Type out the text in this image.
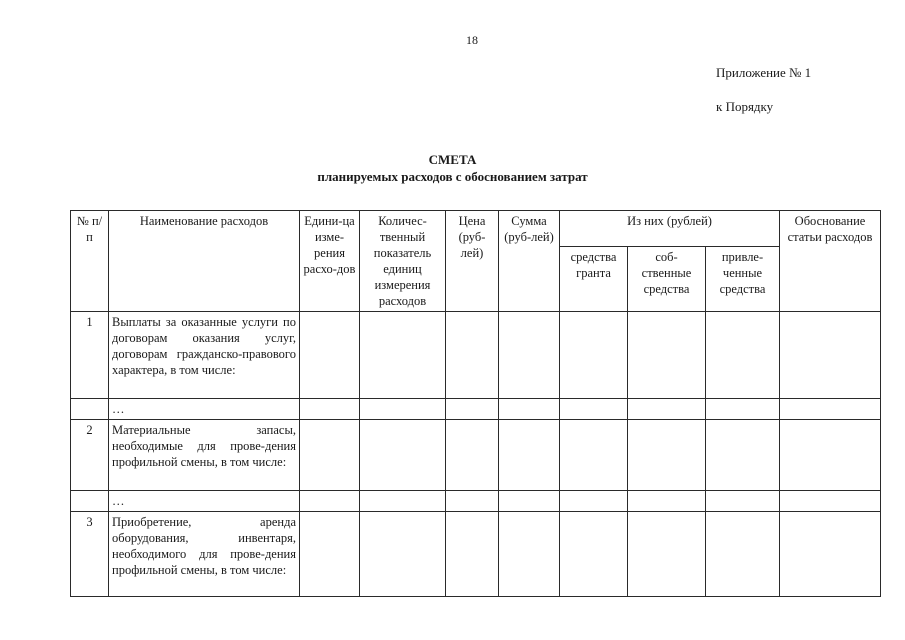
18
Приложение № 1
к Порядку
СМЕТА
планируемых расходов с обоснованием затрат
№ п/п	Наименование расходов	Едини-ца изме-рения расхо-дов	Количес-твенный показатель единиц измерения расходов	Цена (руб-лей)	Сумма (руб-лей)	Из них (рублей)			Обоснование статьи расходов
						средства гранта	соб-ственные средства	привле-ченные средства	
1	Выплаты за оказанные услуги по договорам оказания услуг, договорам гражданско-правового характера, в том числе:								
	…								
2	Материальные запасы, необходимые для прове-дения профильной смены, в том числе:								
	…								
3	Приобретение, аренда оборудования, инвентаря, необходимого для прове-дения профильной смены, в том числе:								
